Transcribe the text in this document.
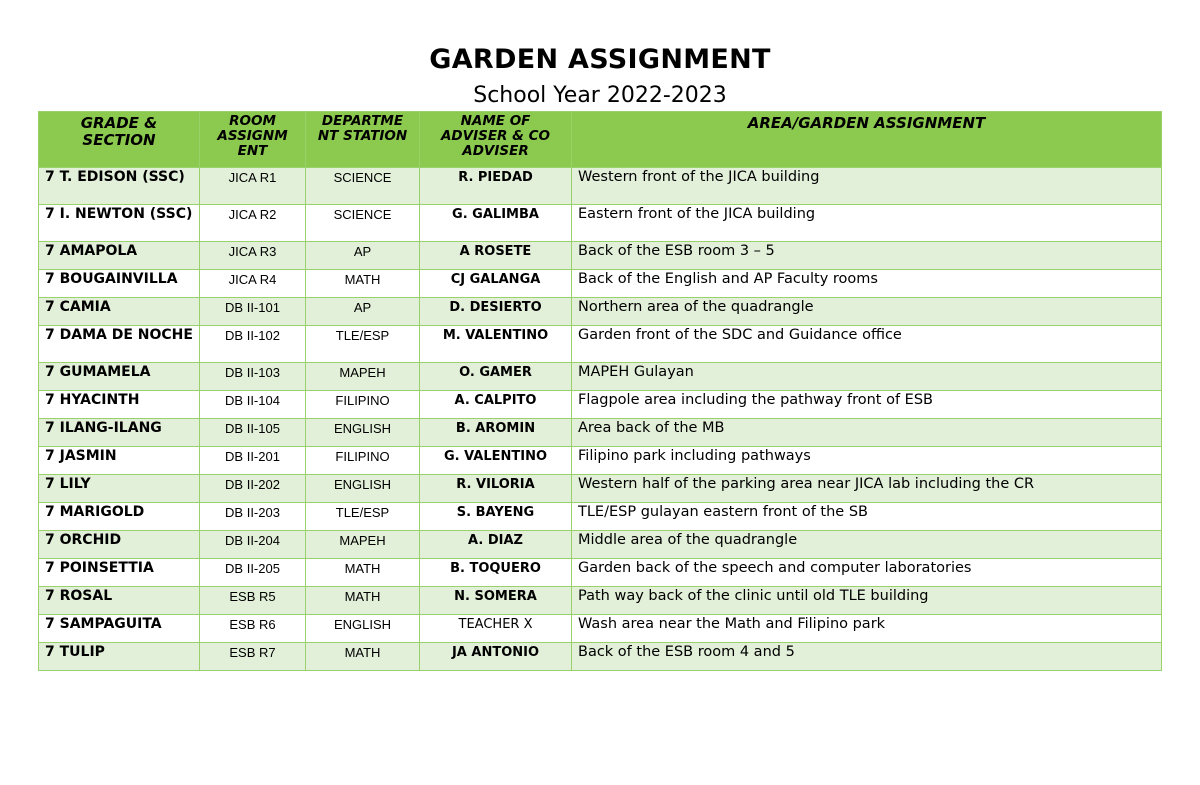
GARDEN ASSIGNMENT
School Year 2022-2023
GRADE & SECTION	ROOM ASSIGNM ENT	DEPARTME NT STATION	NAME OF ADVISER & CO ADVISER	AREA/GARDEN ASSIGNMENT
7 T. EDISON (SSC)	JICA R1	SCIENCE	R. PIEDAD	Western front of the JICA building
7 I. NEWTON (SSC)	JICA R2	SCIENCE	G. GALIMBA	Eastern front of the JICA building
7 AMAPOLA	JICA R3	AP	A ROSETE	Back of the ESB room 3 – 5
7 BOUGAINVILLA	JICA R4	MATH	CJ GALANGA	Back of the English and AP Faculty rooms
7 CAMIA	DB II-101	AP	D. DESIERTO	Northern area of the quadrangle
7 DAMA DE NOCHE	DB II-102	TLE/ESP	M. VALENTINO	Garden front of the SDC and Guidance office
7 GUMAMELA	DB II-103	MAPEH	O. GAMER	MAPEH Gulayan
7 HYACINTH	DB II-104	FILIPINO	A. CALPITO	Flagpole area including the pathway front of ESB
7 ILANG-ILANG	DB II-105	ENGLISH	B. AROMIN	Area back of the MB
7 JASMIN	DB II-201	FILIPINO	G. VALENTINO	Filipino park including pathways
7 LILY	DB II-202	ENGLISH	R. VILORIA	Western half of the parking area near JICA lab including the CR
7 MARIGOLD	DB II-203	TLE/ESP	S. BAYENG	TLE/ESP gulayan eastern front of the SB
7 ORCHID	DB II-204	MAPEH	A. DIAZ	Middle area of the quadrangle
7 POINSETTIA	DB II-205	MATH	B. TOQUERO	Garden back of the speech and computer laboratories
7 ROSAL	ESB R5	MATH	N. SOMERA	Path way back of the clinic until old TLE building
7 SAMPAGUITA	ESB R6	ENGLISH	TEACHER X	Wash area near the Math and Filipino park
7 TULIP	ESB R7	MATH	JA ANTONIO	Back of the ESB room 4 and 5
